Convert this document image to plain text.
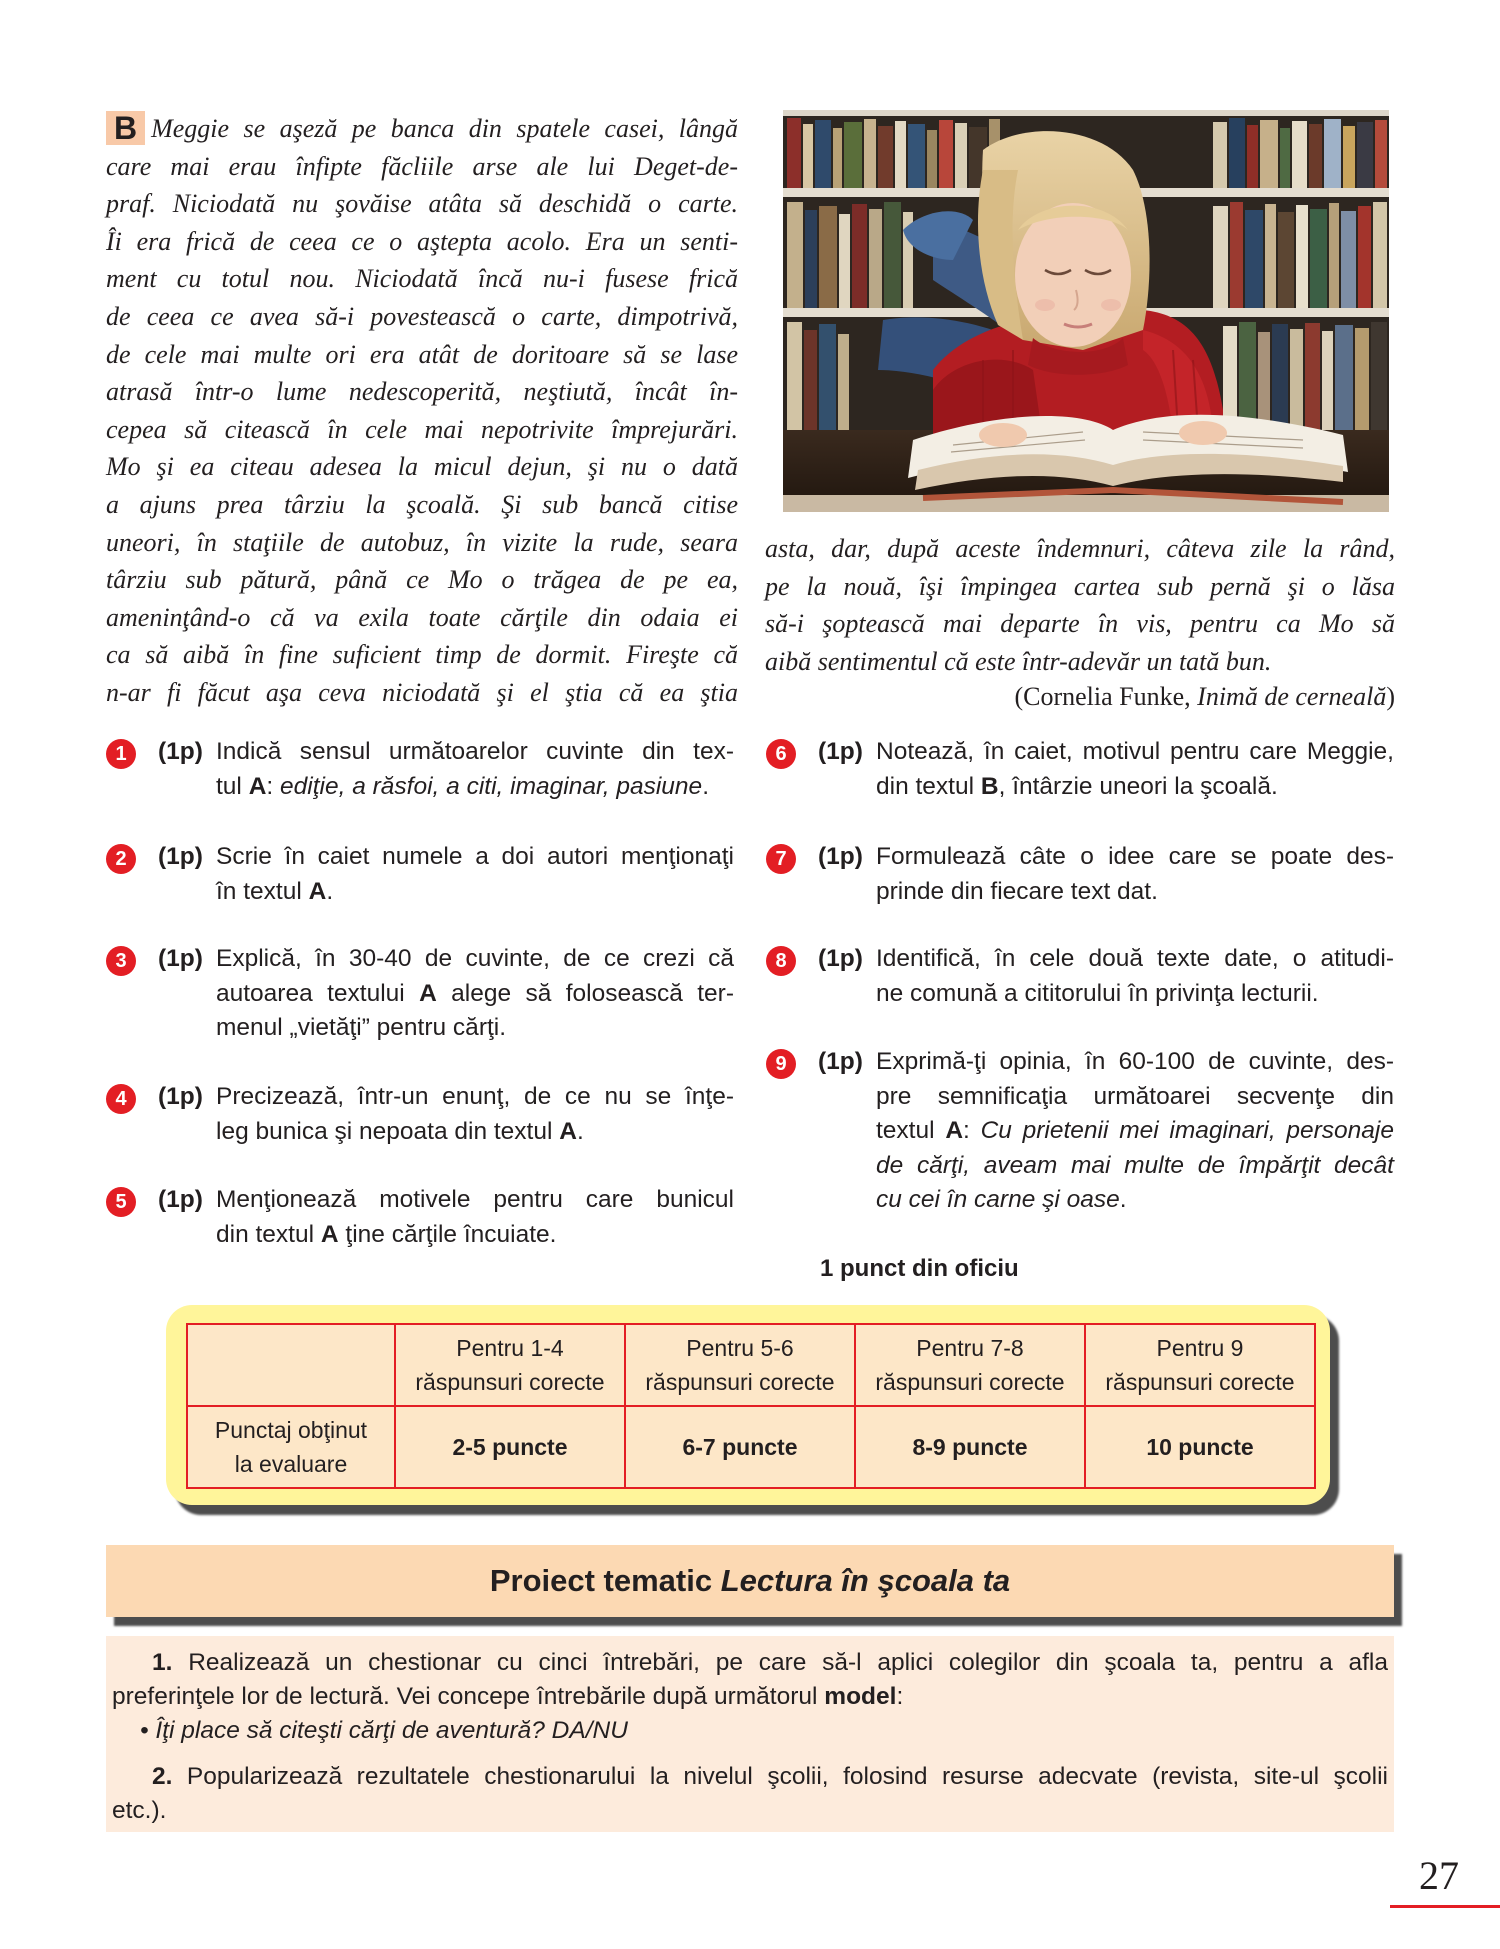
B Meggie se aşeză pe banca din spatele casei, lângă
care mai erau înfipte făcliile arse ale lui Deget-de-
praf. Niciodată nu şovăise atâta să deschidă o carte.
Îi era frică de ceea ce o aştepta acolo. Era un senti-
ment cu totul nou. Niciodată încă nu-i fusese frică
de ceea ce avea să-i povestească o carte, dimpotrivă,
de cele mai multe ori era atât de doritoare să se lase
atrasă într-o lume nedescoperită, neştiută, încât în-
cepea să citească în cele mai nepotrivite împrejurări.
Mo şi ea citeau adesea la micul dejun, şi nu o dată
a ajuns prea târziu la şcoală. Şi sub bancă citise
uneori, în staţiile de autobuz, în vizite la rude, seara
târziu sub pătură, până ce Mo o trăgea de pe ea,
ameninţând-o că va exila toate cărţile din odaia ei
ca să aibă în fine suficient timp de dormit. Fireşte că
n-ar fi făcut aşa ceva niciodată şi el ştia că ea ştia
asta, dar, după aceste îndemnuri, câteva zile la rând,
pe la nouă, îşi împingea cartea sub pernă şi o lăsa
să-i şoptească mai departe în vis, pentru ca Mo să
aibă sentimentul că este într-adevăr un tată bun.
(Cornelia Funke, Inimă de cerneală)
1	(1p) Indică sensul următoarelor cuvinte din tex-
tul A: ediţie, a răsfoi, a citi, imaginar, pasiune.
2	(1p) Scrie în caiet numele a doi autori menţionaţi
în textul A.
3	(1p) Explică, în 30-40 de cuvinte, de ce crezi că
autoarea textului A alege să folosească ter-
menul „vietăţi” pentru cărţi.
4	(1p) Precizează, într-un enunţ, de ce nu se înţe-
leg bunica şi nepoata din textul A.
5	(1p) Menţionează motivele pentru care bunicul
din textul A ţine cărţile încuiate.
6	(1p) Notează, în caiet, motivul pentru care Meggie,
din textul B, întârzie uneori la şcoală.
7	(1p) Formulează câte o idee care se poate des-
prinde din fiecare text dat.
8	(1p) Identifică, în cele două texte date, o atitudi-
ne comună a cititorului în privinţa lecturii.
9	(1p) Exprimă-ţi opinia, în 60-100 de cuvinte, des-
pre semnificaţia următoarei secvenţe din
textul A: Cu prietenii mei imaginari, personaje
de cărţi, aveam mai multe de împărţit decât
cu cei în carne şi oase.
1 punct din oficiu
	Pentru 1-4
răspunsuri corecte	Pentru 5-6
răspunsuri corecte	Pentru 7-8
răspunsuri corecte	Pentru 9
răspunsuri corecte
Punctaj obţinut
la evaluare	2-5 puncte	6-7 puncte	8-9 puncte	10 puncte
Proiect tematic Lectura în şcoala ta
1. Realizează un chestionar cu cinci întrebări, pe care să-l aplici colegilor din şcoala ta, pentru a afla
preferinţele lor de lectură. Vei concepe întrebările după următorul model:
• Îţi place să citeşti cărţi de aventură? DA/NU
2. Popularizează rezultatele chestionarului la nivelul şcolii, folosind resurse adecvate (revista, site-ul şcolii
etc.).
27
